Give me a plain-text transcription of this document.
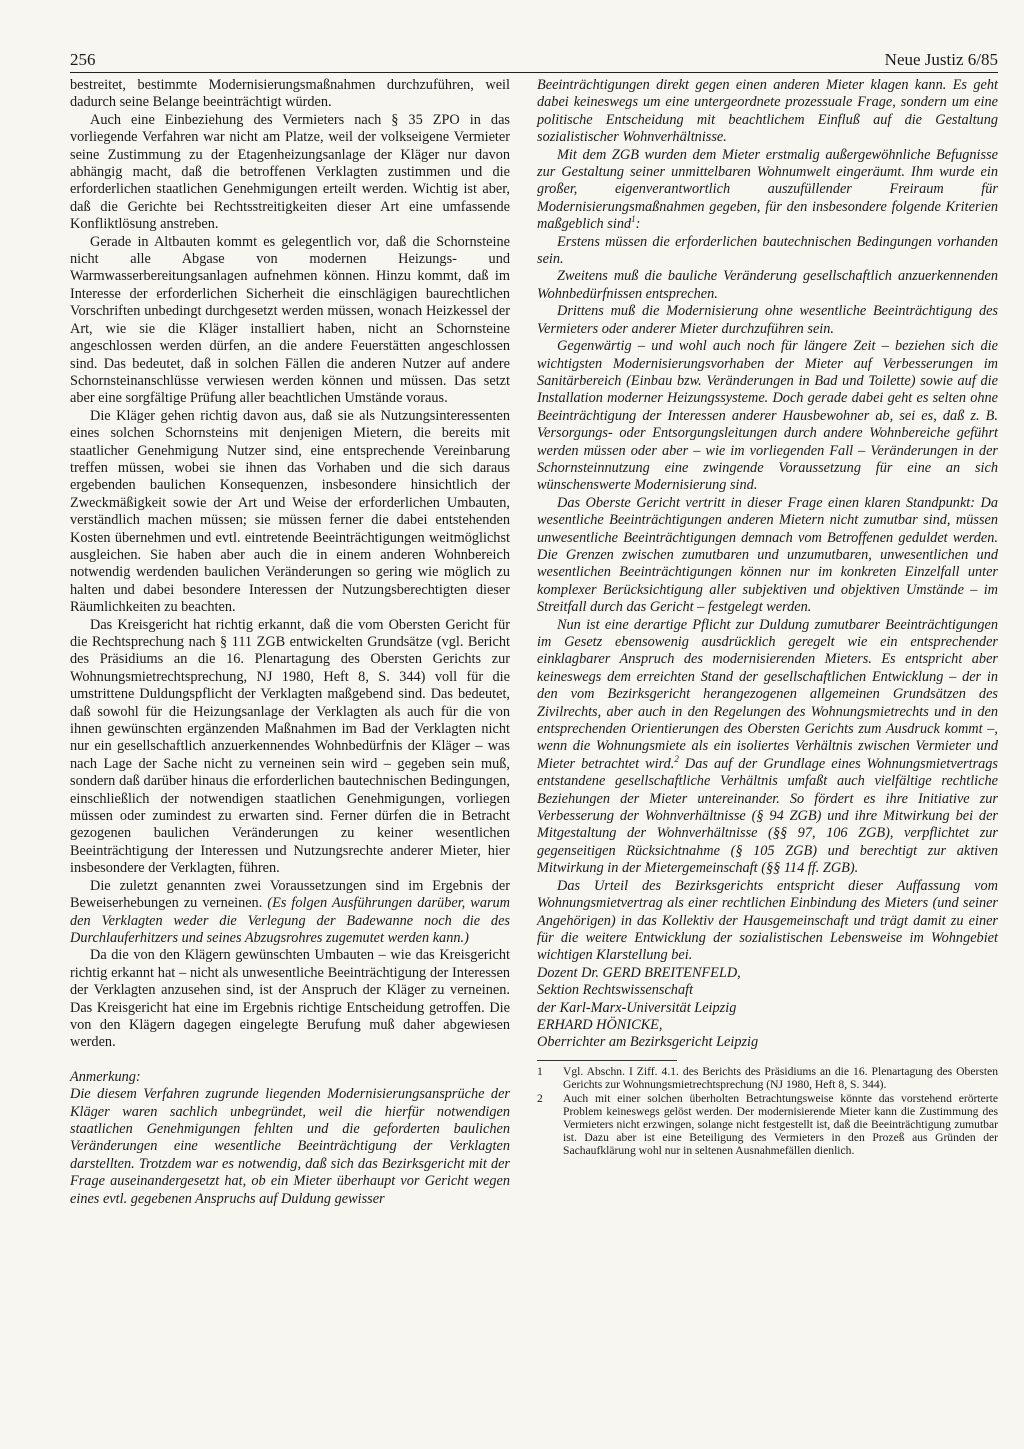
256	Neue Justiz 6/85

bestreitet, bestimmte Modernisierungsmaßnahmen durchzuführen, weil dadurch seine Belange beeinträchtigt würden.

Auch eine Einbeziehung des Vermieters nach § 35 ZPO in das vorliegende Verfahren war nicht am Platze, weil der volkseigene Vermieter seine Zustimmung zu der Etagenheizungsanlage der Kläger nur davon abhängig macht, daß die betroffenen Verklagten zustimmen und die erforderlichen staatlichen Genehmigungen erteilt werden. Wichtig ist aber, daß die Gerichte bei Rechtsstreitigkeiten dieser Art eine umfassende Konfliktlösung anstreben.

Gerade in Altbauten kommt es gelegentlich vor, daß die Schornsteine nicht alle Abgase von modernen Heizungs- und Warmwasserbereitungsanlagen aufnehmen können. Hinzu kommt, daß im Interesse der erforderlichen Sicherheit die einschlägigen baurechtlichen Vorschriften unbedingt durchgesetzt werden müssen, wonach Heizkessel der Art, wie sie die Kläger installiert haben, nicht an Schornsteine angeschlossen werden dürfen, an die andere Feuerstätten angeschlossen sind. Das bedeutet, daß in solchen Fällen die anderen Nutzer auf andere Schornsteinanschlüsse verwiesen werden können und müssen. Das setzt aber eine sorgfältige Prüfung aller beachtlichen Umstände voraus.

Die Kläger gehen richtig davon aus, daß sie als Nutzungsinteressenten eines solchen Schornsteins mit denjenigen Mietern, die bereits mit staatlicher Genehmigung Nutzer sind, eine entsprechende Vereinbarung treffen müssen, wobei sie ihnen das Vorhaben und die sich daraus ergebenden baulichen Konsequenzen, insbesondere hinsichtlich der Zweckmäßigkeit sowie der Art und Weise der erforderlichen Umbauten, verständlich machen müssen; sie müssen ferner die dabei entstehenden Kosten übernehmen und evtl. eintretende Beeinträchtigungen weitmöglichst ausgleichen. Sie haben aber auch die in einem anderen Wohnbereich notwendig werdenden baulichen Veränderungen so gering wie möglich zu halten und dabei besondere Interessen der Nutzungsberechtigten dieser Räumlichkeiten zu beachten.

Das Kreisgericht hat richtig erkannt, daß die vom Obersten Gericht für die Rechtsprechung nach § 111 ZGB entwickelten Grundsätze (vgl. Bericht des Präsidiums an die 16. Plenartagung des Obersten Gerichts zur Wohnungsmietrechtsprechung, NJ 1980, Heft 8, S. 344) voll für die umstrittene Duldungspflicht der Verklagten maßgebend sind. Das bedeutet, daß sowohl für die Heizungsanlage der Verklagten als auch für die von ihnen gewünschten ergänzenden Maßnahmen im Bad der Verklagten nicht nur ein gesellschaftlich anzuerkennendes Wohnbedürfnis der Kläger – was nach Lage der Sache nicht zu verneinen sein wird – gegeben sein muß, sondern daß darüber hinaus die erforderlichen bautechnischen Bedingungen, einschließlich der notwendigen staatlichen Genehmigungen, vorliegen müssen oder zumindest zu erwarten sind. Ferner dürfen die in Betracht gezogenen baulichen Veränderungen zu keiner wesentlichen Beeinträchtigung der Interessen und Nutzungsrechte anderer Mieter, hier insbesondere der Verklagten, führen.

Die zuletzt genannten zwei Voraussetzungen sind im Ergebnis der Beweiserhebungen zu verneinen. (Es folgen Ausführungen darüber, warum den Verklagten weder die Verlegung der Badewanne noch die des Durchlauferhitzers und seines Abzugsrohres zugemutet werden kann.)

Da die von den Klägern gewünschten Umbauten – wie das Kreisgericht richtig erkannt hat – nicht als unwesentliche Beeinträchtigung der Interessen der Verklagten anzusehen sind, ist der Anspruch der Kläger zu verneinen. Das Kreisgericht hat eine im Ergebnis richtige Entscheidung getroffen. Die von den Klägern dagegen eingelegte Berufung muß daher abgewiesen werden.

Anmerkung:

Die diesem Verfahren zugrunde liegenden Modernisierungsansprüche der Kläger waren sachlich unbegründet, weil die hierfür notwendigen staatlichen Genehmigungen fehlten und die geforderten baulichen Veränderungen eine wesentliche Beeinträchtigung der Verklagten darstellten. Trotzdem war es notwendig, daß sich das Bezirksgericht mit der Frage auseinandergesetzt hat, ob ein Mieter überhaupt vor Gericht wegen eines evtl. gegebenen Anspruchs auf Duldung gewisser

Beeinträchtigungen direkt gegen einen anderen Mieter klagen kann. Es geht dabei keineswegs um eine untergeordnete prozessuale Frage, sondern um eine politische Entscheidung mit beachtlichem Einfluß auf die Gestaltung sozialistischer Wohnverhältnisse.

Mit dem ZGB wurden dem Mieter erstmalig außergewöhnliche Befugnisse zur Gestaltung seiner unmittelbaren Wohnumwelt eingeräumt. Ihm wurde ein großer, eigenverantwortlich auszufüllender Freiraum für Modernisierungsmaßnahmen gegeben, für den insbesondere folgende Kriterien maßgeblich sind$^1$:

Erstens müssen die erforderlichen bautechnischen Bedingungen vorhanden sein.

Zweitens muß die bauliche Veränderung gesellschaftlich anzuerkennenden Wohnbedürfnissen entsprechen.

Drittens muß die Modernisierung ohne wesentliche Beeinträchtigung des Vermieters oder anderer Mieter durchzuführen sein.

Gegenwärtig – und wohl auch noch für längere Zeit – beziehen sich die wichtigsten Modernisierungsvorhaben der Mieter auf Verbesserungen im Sanitärbereich (Einbau bzw. Veränderungen in Bad und Toilette) sowie auf die Installation moderner Heizungssysteme. Doch gerade dabei geht es selten ohne Beeinträchtigung der Interessen anderer Hausbewohner ab, sei es, daß z. B. Versorgungs- oder Entsorgungsleitungen durch andere Wohnbereiche geführt werden müssen oder aber – wie im vorliegenden Fall – Veränderungen in der Schornsteinnutzung eine zwingende Voraussetzung für eine an sich wünschenswerte Modernisierung sind.

Das Oberste Gericht vertritt in dieser Frage einen klaren Standpunkt: Da wesentliche Beeinträchtigungen anderen Mietern nicht zumutbar sind, müssen unwesentliche Beeinträchtigungen demnach vom Betroffenen geduldet werden. Die Grenzen zwischen zumutbaren und unzumutbaren, unwesentlichen und wesentlichen Beeinträchtigungen können nur im konkreten Einzelfall unter komplexer Berücksichtigung aller subjektiven und objektiven Umstände – im Streitfall durch das Gericht – festgelegt werden.

Nun ist eine derartige Pflicht zur Duldung zumutbarer Beeinträchtigungen im Gesetz ebensowenig ausdrücklich geregelt wie ein entsprechender einklagbarer Anspruch des modernisierenden Mieters. Es entspricht aber keineswegs dem erreichten Stand der gesellschaftlichen Entwicklung – der in den vom Bezirksgericht herangezogenen allgemeinen Grundsätzen des Zivilrechts, aber auch in den Regelungen des Wohnungsmietrechts und in den entsprechenden Orientierungen des Obersten Gerichts zum Ausdruck kommt –, wenn die Wohnungsmiete als ein isoliertes Verhältnis zwischen Vermieter und Mieter betrachtet wird.$^2$ Das auf der Grundlage eines Wohnungsmietvertrags entstandene gesellschaftliche Verhältnis umfaßt auch vielfältige rechtliche Beziehungen der Mieter untereinander. So fördert es ihre Initiative zur Verbesserung der Wohnverhältnisse (§ 94 ZGB) und ihre Mitwirkung bei der Mitgestaltung der Wohnverhältnisse (§§ 97, 106 ZGB), verpflichtet zur gegenseitigen Rücksichtnahme (§ 105 ZGB) und berechtigt zur aktiven Mitwirkung in der Mietergemeinschaft (§§ 114 ff. ZGB).

Das Urteil des Bezirksgerichts entspricht dieser Auffassung vom Wohnungsmietvertrag als einer rechtlichen Einbindung des Mieters (und seiner Angehörigen) in das Kollektiv der Hausgemeinschaft und trägt damit zu einer für die weitere Entwicklung der sozialistischen Lebensweise im Wohngebiet wichtigen Klarstellung bei.

Dozent Dr. GERD BREITENFELD,

Sektion Rechtswissenschaft

der Karl-Marx-Universität Leipzig

ERHARD HÖNICKE,

Oberrichter am Bezirksgericht Leipzig

1	Vgl. Abschn. I Ziff. 4.1. des Berichts des Präsidiums an die 16. Plenartagung des Obersten Gerichts zur Wohnungsmietrechtsprechung (NJ 1980, Heft 8, S. 344).
2	Auch mit einer solchen überholten Betrachtungsweise könnte das vorstehend erörterte Problem keineswegs gelöst werden. Der modernisierende Mieter kann die Zustimmung des Vermieters nicht erzwingen, solange nicht festgestellt ist, daß die Beeinträchtigung zumutbar ist. Dazu aber ist eine Beteiligung des Vermieters in den Prozeß aus Gründen der Sachaufklärung wohl nur in seltenen Ausnahmefällen dienlich.
